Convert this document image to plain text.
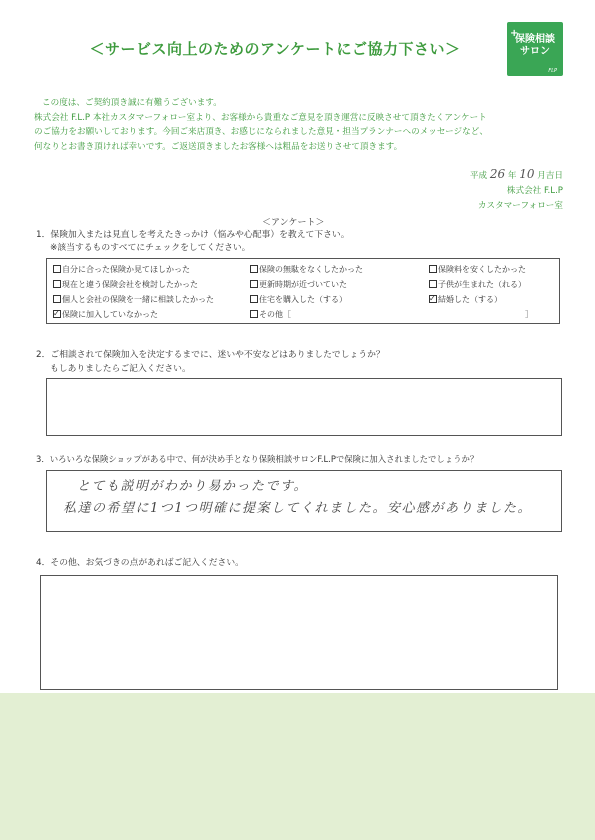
＜サービス向上のためのアンケートにご協力下さい＞
+
保険相談
サロン
FLP
この度は、ご契約頂き誠に有難うございます。
株式会社 F.L.P 本社カスタマーフォロー室より、お客様から貴重なご意見を頂き運営に反映させて頂きたくアンケート
のご協力をお願いしております。今回ご来店頂き、お感じになられました意見・担当プランナーへのメッセージなど、
何なりとお書き頂ければ幸いです。ご返送頂きましたお客様へは粗品をお送りさせて頂きます。
平成 26 年 10 月吉日
株式会社 F.L.P
カスタマーフォロー室
＜アンケート＞
1．保険加入または見直しを考えたきっかけ（悩みや心配事）を教えて下さい。
※該当するものすべてにチェックをしてください。
自分に合った保険か見てほしかった	保険の無駄をなくしたかった	保険料を安くしたかった
現在と違う保険会社を検討したかった	更新時期が近づいていた	子供が生まれた（れる）
個人と会社の保険を一緒に相談したかった	住宅を購入した（する）
✓	結婚した（する）
✓保険に加入していなかった	その他［	］
2．ご相談されて保険加入を決定するまでに、迷いや不安などはありましたでしょうか？
もしありましたらご記入ください。
3．いろいろな保険ショップがある中で、何が決め手となり保険相談サロンF.L.Pで保険に加入されましたでしょうか？
とても説明がわかり易かったです。
私達の希望に1つ1つ明確に提案してくれました。安心感がありました。
4．その他、お気づきの点があればご記入ください。
